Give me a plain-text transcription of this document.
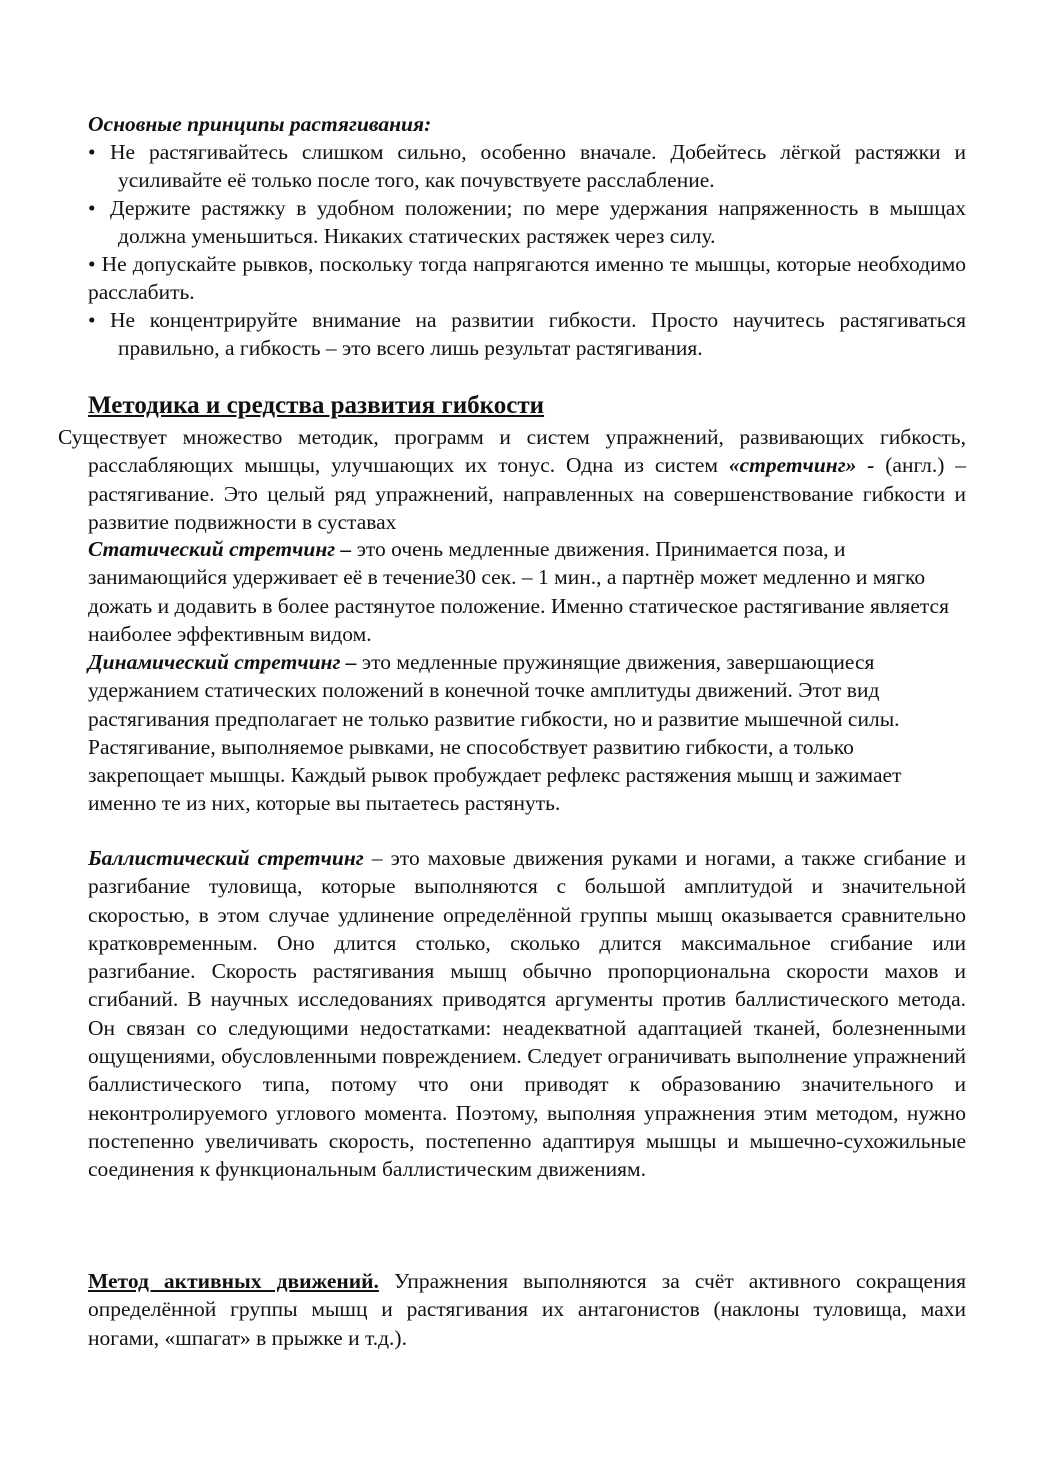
Основные принципы растягивания:

• Не растягивайтесь слишком сильно, особенно вначале. Добейтесь лёгкой растяжки и усиливайте её только после того, как почувствуете расслабление.

• Держите растяжку в удобном положении; по мере удержания напряженность в мышцах должна уменьшиться. Никаких статических растяжек через силу.

• Не допускайте рывков, поскольку тогда напрягаются именно те мышцы, которые необходимо расслабить.

• Не концентрируйте внимание на развитии гибкости. Просто научитесь растягиваться правильно, а гибкость – это всего лишь результат растягивания.

Методика и средства развития гибкости

Существует множество методик, программ и систем упражнений, развивающих гибкость, расслабляющих мышцы, улучшающих их тонус. Одна из систем «стретчинг» - (англ.) – растягивание. Это целый ряд упражнений, направленных на совершенствование гибкости и развитие подвижности в суставах

Статический стретчинг – это очень медленные движения. Принимается поза, и занимающийся удерживает её в течение30 сек. – 1 мин., а партнёр может медленно и мягко дожать и додавить в более растянутое положение. Именно статическое растягивание является наиболее эффективным видом.

Динамический стретчинг – это медленные пружинящие движения, завершающиеся удержанием статических положений в конечной точке амплитуды движений. Этот вид растягивания предполагает не только развитие гибкости, но и развитие мышечной силы. Растягивание, выполняемое рывками, не способствует развитию гибкости, а только закрепощает мышцы. Каждый рывок пробуждает рефлекс растяжения мышц и зажимает именно те из них, которые вы пытаетесь растянуть.

Баллистический стретчинг – это маховые движения руками и ногами, а также сгибание и разгибание туловища, которые выполняются с большой амплитудой и значительной скоростью, в этом случае удлинение определённой группы мышц оказывается сравнительно кратковременным. Оно длится столько, сколько длится максимальное сгибание или разгибание. Скорость растягивания мышц обычно пропорциональна скорости махов и сгибаний. В научных исследованиях приводятся аргументы против баллистического метода. Он связан со следующими недостатками: неадекватной адаптацией тканей, болезненными ощущениями, обусловленными повреждением. Следует ограничивать выполнение упражнений баллистического типа, потому что они приводят к образованию значительного и неконтролируемого углового момента. Поэтому, выполняя упражнения этим методом, нужно постепенно увеличивать скорость, постепенно адаптируя мышцы и мышечно-сухожильные соединения к функциональным баллистическим движениям.

Метод активных движений. Упражнения выполняются за счёт активного сокращения определённой группы мышц и растягивания их антагонистов (наклоны туловища, махи ногами, «шпагат» в прыжке и т.д.).
